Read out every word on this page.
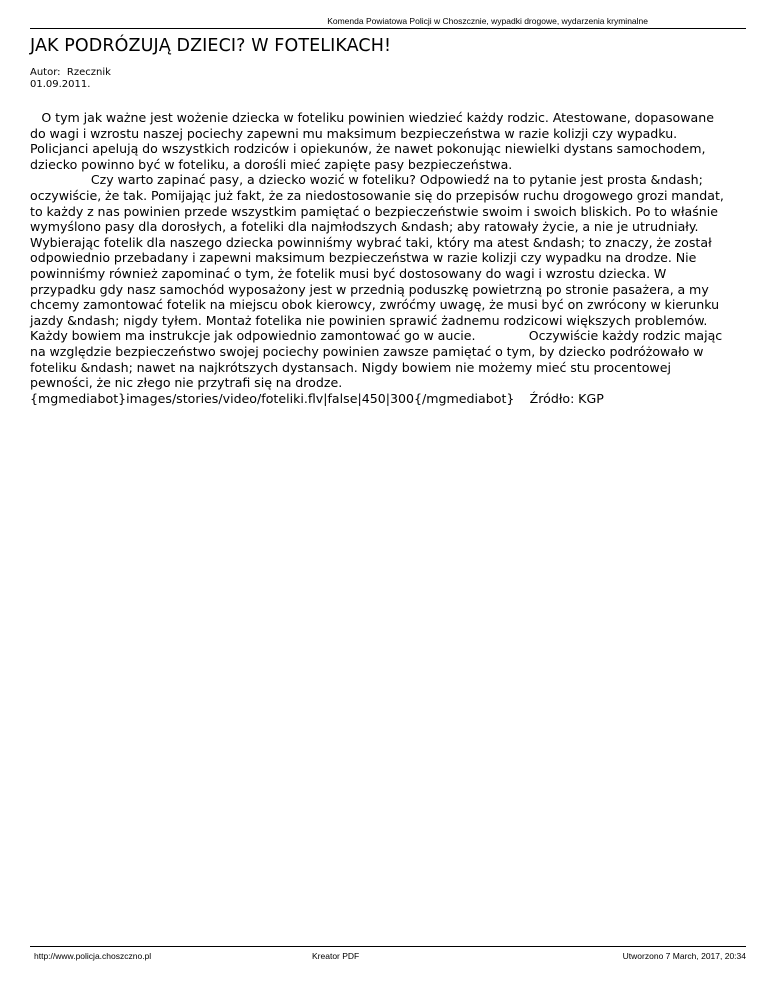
Komenda Powiatowa Policji w Choszcznie, wypadki drogowe, wydarzenia kryminalne
JAK PODRÓZUJĄ DZIECI? W FOTELIKACH!
Autor:  Rzecznik
01.09.2011.
O tym jak ważne jest wożenie dziecka w foteliku powinien wiedzieć każdy rodzic. Atestowane, dopasowane do wagi i wzrostu naszej pociechy zapewni mu maksimum bezpieczeństwa w razie kolizji czy wypadku. Policjanci apelują do wszystkich rodziców i opiekunów, że nawet pokonując niewielki dystans samochodem, dziecko powinno być w foteliku, a dorośli mieć zapięte pasy bezpieczeństwa.
Czy warto zapinać pasy, a dziecko wozić w foteliku? Odpowiedź na to pytanie jest prosta &ndash; oczywiście, że tak. Pomijając już fakt, że za niedostosowanie się do przepisów ruchu drogowego grozi mandat, to każdy z nas powinien przede wszystkim pamiętać o bezpieczeństwie swoim i swoich bliskich. Po to właśnie wymyślono pasy dla dorosłych, a foteliki dla najmłodszych &ndash; aby ratowały życie, a nie je utrudniały.              Wybierając fotelik dla naszego dziecka powinniśmy wybrać taki, który ma atest &ndash; to znaczy, że został odpowiednio przebadany i zapewni maksimum bezpieczeństwa w razie kolizji czy wypadku na drodze. Nie powinniśmy również zapominać o tym, że fotelik musi być dostosowany do wagi i wzrostu dziecka. W przypadku gdy nasz samochód wyposażony jest w przednią poduszkę powietrzną po stronie pasażera, a my chcemy zamontować fotelik na miejscu obok kierowcy, zwróćmy uwagę, że musi być on zwrócony w kierunku jazdy &ndash; nigdy tyłem. Montaż fotelika nie powinien sprawić żadnemu rodzicowi większych problemów. Każdy bowiem ma instrukcje jak odpowiednio zamontować go w aucie.              Oczywiście każdy rodzic mając na względzie bezpieczeństwo swojej pociechy powinien zawsze pamiętać o tym, by dziecko podróżowało w foteliku &ndash; nawet na najkrótszych dystansach. Nigdy bowiem nie możemy mieć stu procentowej pewności, że nic złego nie przytrafi się na drodze.
{mgmediabot}images/stories/video/foteliki.flv|false|450|300{/mgmediabot}    Źródło: KGP
http://www.policja.choszczno.pl	Kreator PDF	Utworzono 7 March, 2017, 20:34
